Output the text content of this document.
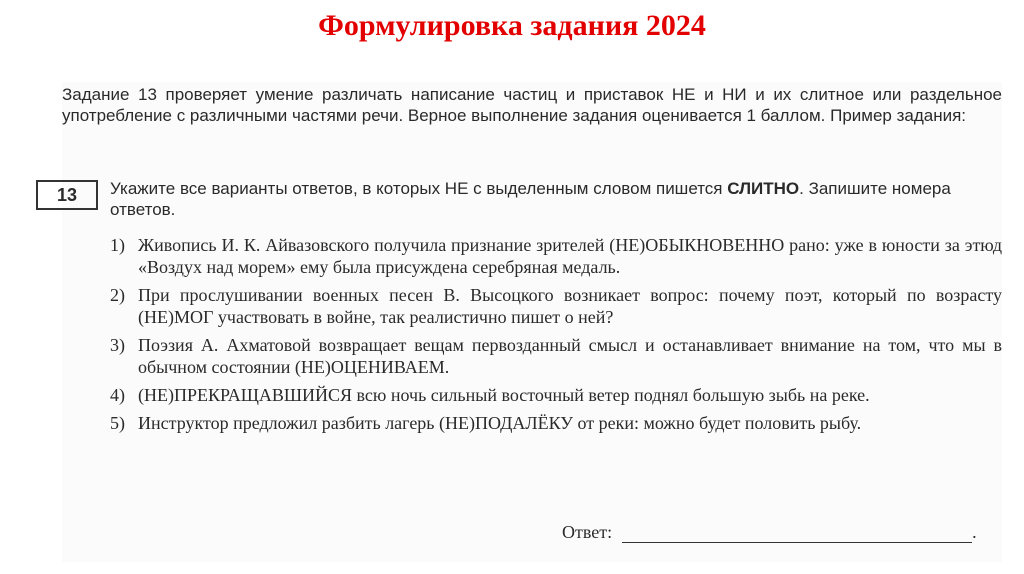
Формулировка задания 2024
Задание 13 проверяет умение различать написание частиц и приставок НЕ и НИ и их слитное или раздельное употребление с различными частями речи. Верное выполнение задания оценивается 1 баллом. Пример задания:
13 Укажите все варианты ответов, в которых НЕ с выделенным словом пишется СЛИТНО. Запишите номера ответов.
1) Живопись И. К. Айвазовского получила признание зрителей (НЕ)ОБЫКНОВЕННО рано: уже в юности за этюд «Воздух над морем» ему была присуждена серебряная медаль.
2) При прослушивании военных песен В. Высоцкого возникает вопрос: почему поэт, который по возрасту (НЕ)МОГ участвовать в войне, так реалистично пишет о ней?
3) Поэзия А. Ахматовой возвращает вещам первозданный смысл и останавливает внимание на том, что мы в обычном состоянии (НЕ)ОЦЕНИВАЕМ.
4) (НЕ)ПРЕКРАЩАВШИЙСЯ всю ночь сильный восточный ветер поднял большую зыбь на реке.
5) Инструктор предложил разбить лагерь (НЕ)ПОДАЛЁКУ от реки: можно будет половить рыбу.
Ответ:	.
